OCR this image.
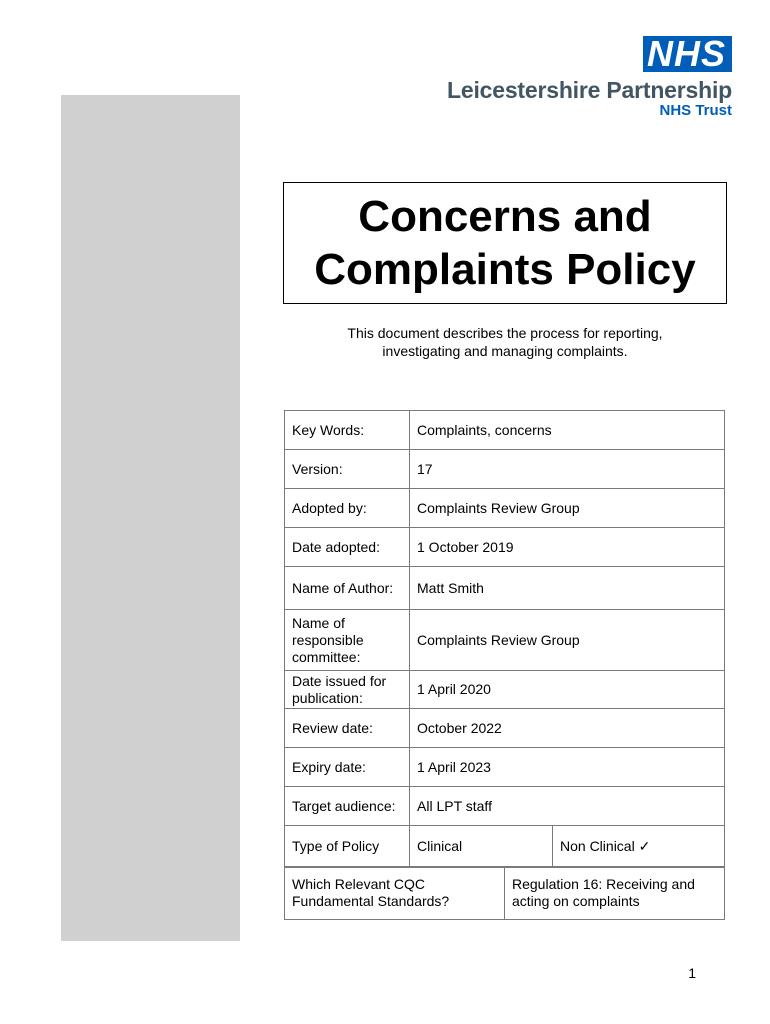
NHS
Leicestershire Partnership
NHS Trust
Concerns and
Complaints Policy
This document describes the process for reporting,
investigating and managing complaints.
Key Words:	Complaints, concerns	
Version:	17	
Adopted by:	Complaints Review Group	
Date adopted:	1 October 2019	
Name of Author:	Matt Smith	
Name of responsible committee:	Complaints Review Group	
Date issued for publication:	1 April 2020	
Review date:	October 2022	
Expiry date:	1 April 2023	
Target audience:	All LPT staff	
Type of Policy	Clinical	Non Clinical ✓
Which Relevant CQC Fundamental Standards?	Regulation 16: Receiving and acting on complaints
1
